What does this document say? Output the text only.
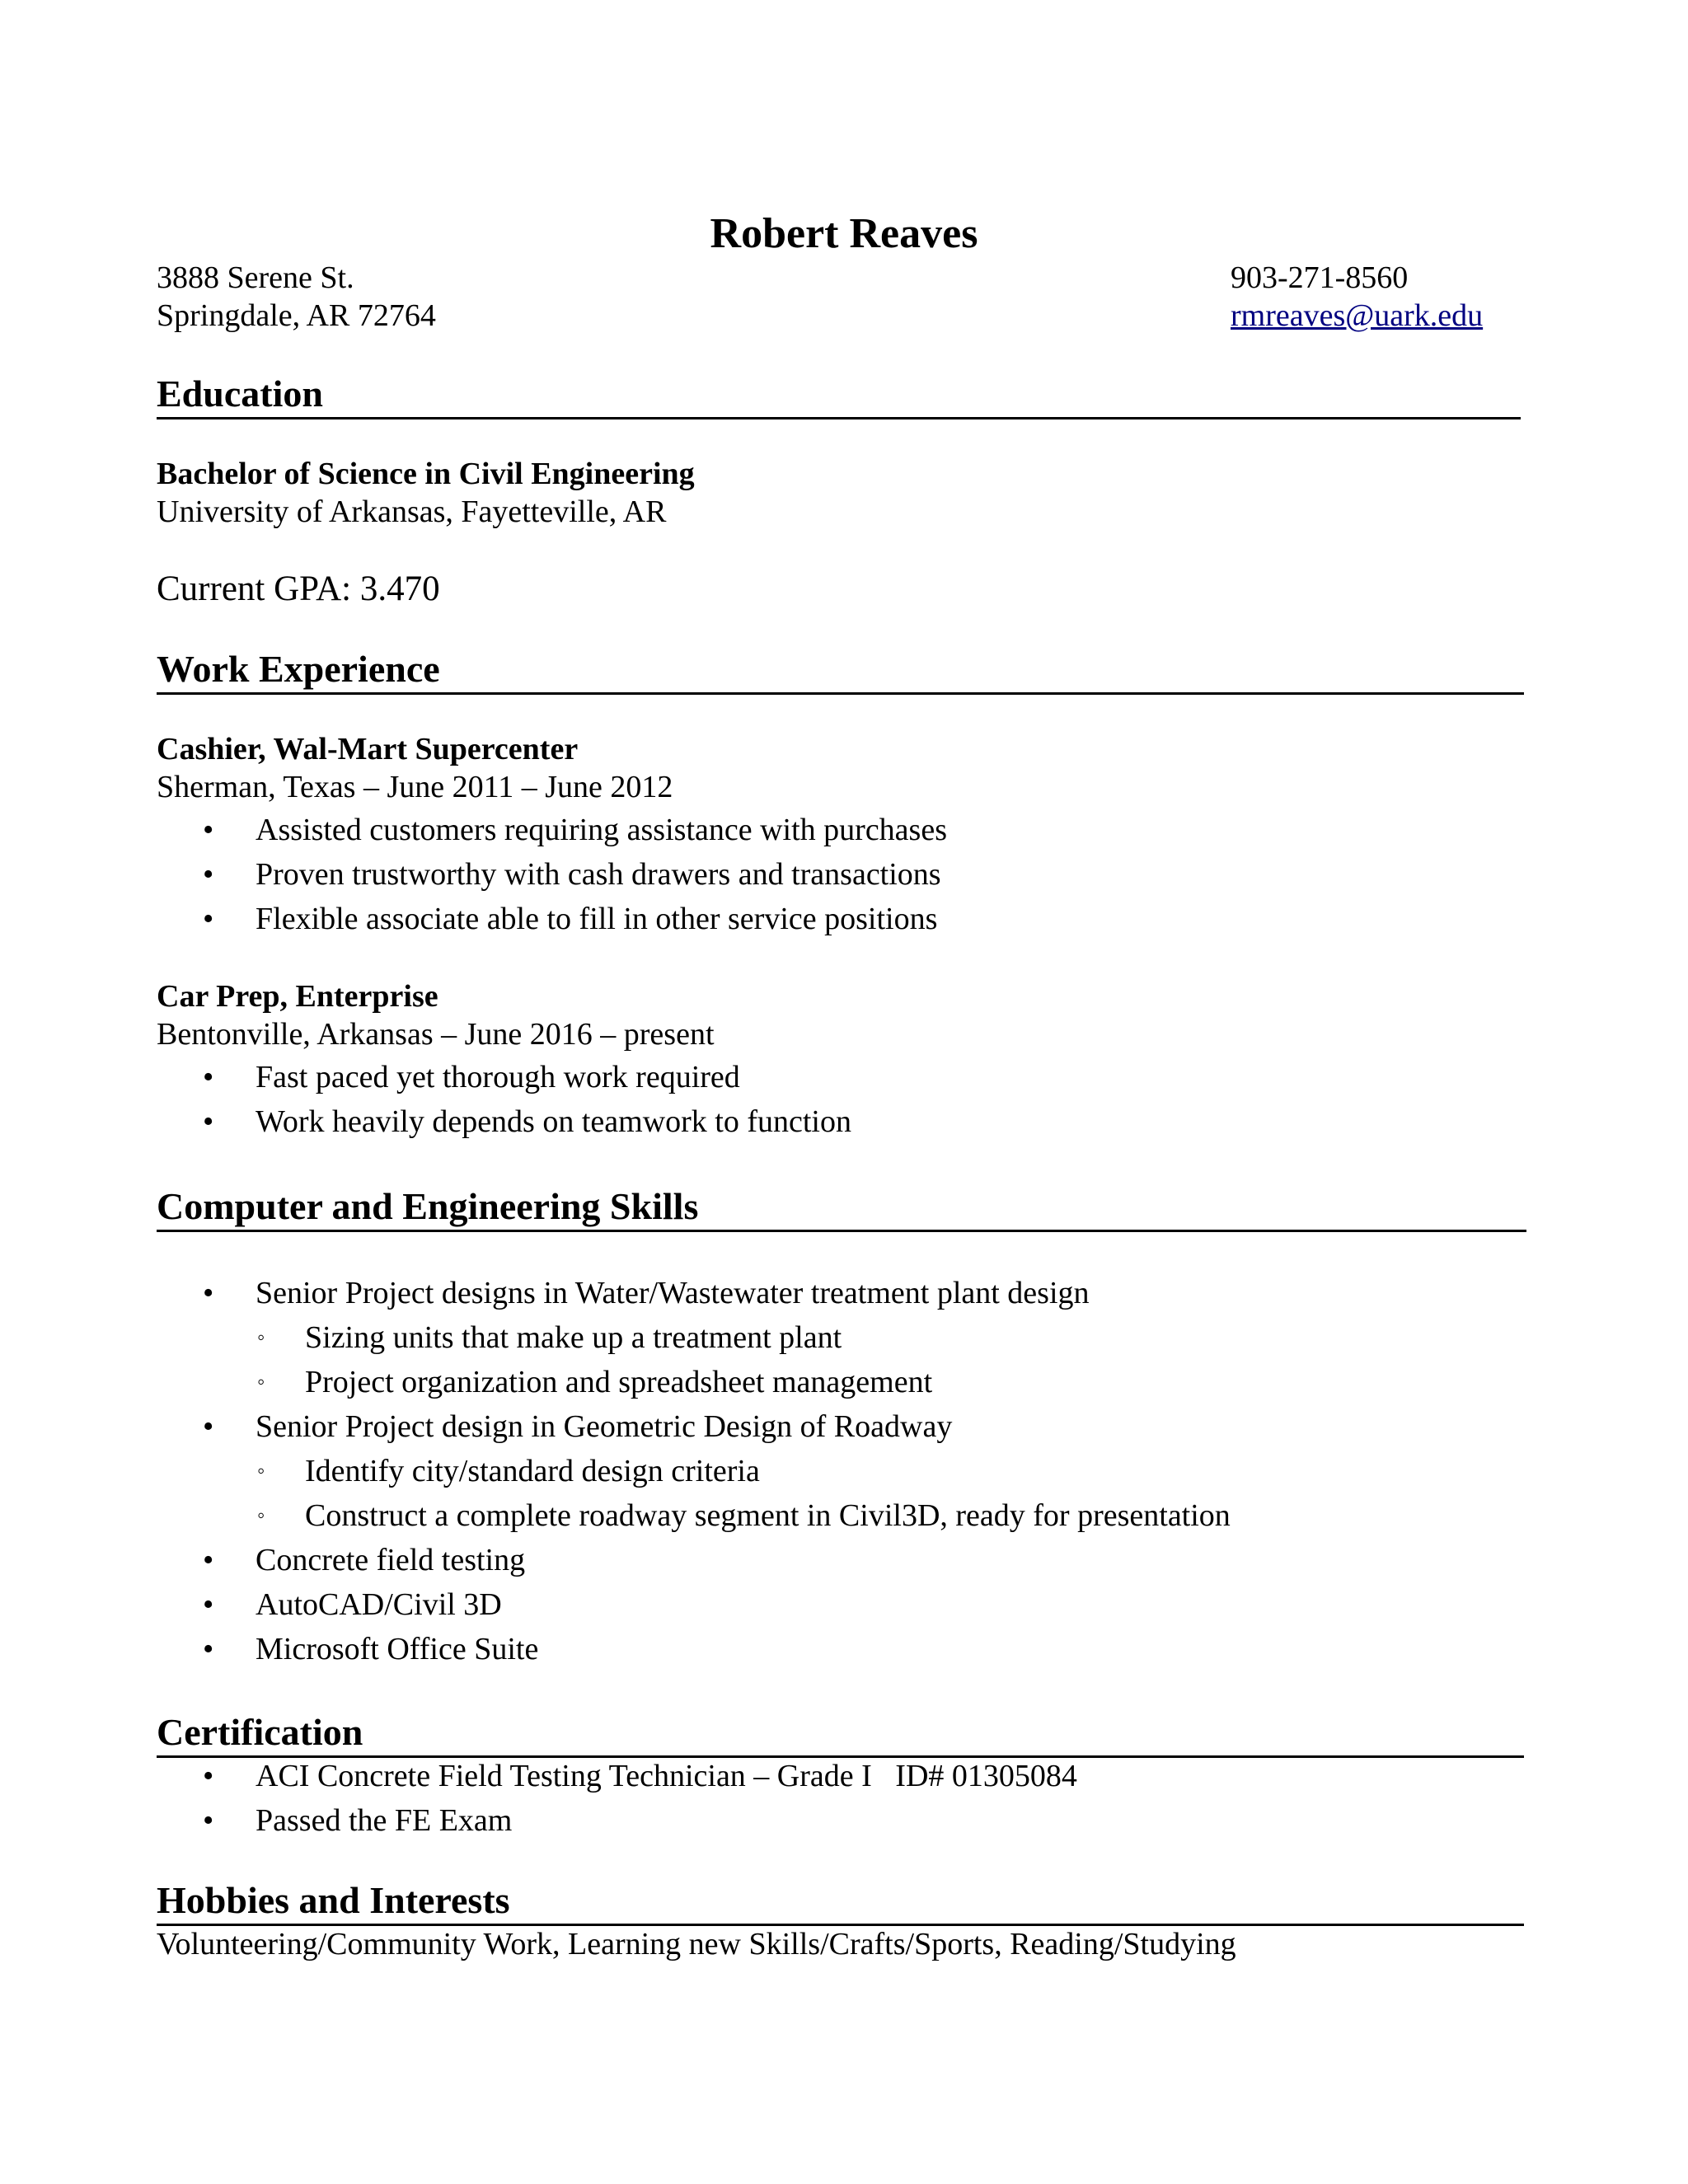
Robert Reaves
3888 Serene St.
Springdale, AR 72764
903-271-8560
rmreaves@uark.edu
Education
Bachelor of Science in Civil Engineering
University of Arkansas, Fayetteville, AR
Current GPA: 3.470
Work Experience
Cashier, Wal-Mart Supercenter
Sherman, Texas – June 2011 – June 2012
• Assisted customers requiring assistance with purchases
• Proven trustworthy with cash drawers and transactions
• Flexible associate able to fill in other service positions
Car Prep, Enterprise
Bentonville, Arkansas – June 2016 – present
• Fast paced yet thorough work required
• Work heavily depends on teamwork to function
Computer and Engineering Skills
• Senior Project designs in Water/Wastewater treatment plant design
◦ Sizing units that make up a treatment plant
◦ Project organization and spreadsheet management
• Senior Project design in Geometric Design of Roadway
◦ Identify city/standard design criteria
◦ Construct a complete roadway segment in Civil3D, ready for presentation
• Concrete field testing
• AutoCAD/Civil 3D
• Microsoft Office Suite
Certification
• ACI Concrete Field Testing Technician – Grade I   ID# 01305084
• Passed the FE Exam
Hobbies and Interests
Volunteering/Community Work, Learning new Skills/Crafts/Sports, Reading/Studying
